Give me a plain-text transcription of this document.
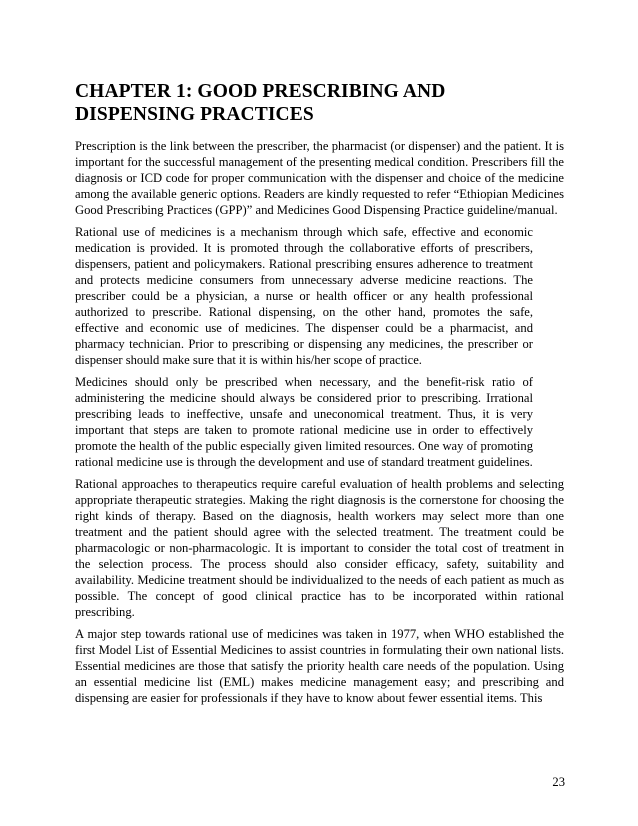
CHAPTER 1: GOOD PRESCRIBING AND DISPENSING PRACTICES

Prescription is the link between the prescriber, the pharmacist (or dispenser) and the patient. It is important for the successful management of the presenting medical condition. Prescribers fill the diagnosis or ICD code for proper communication with the dispenser and choice of the medicine among the available generic options. Readers are kindly requested to refer “Ethiopian Medicines Good Prescribing Practices (GPP)” and Medicines Good Dispensing Practice guideline/manual.

Rational use of medicines is a mechanism through which safe, effective and economic medication is provided. It is promoted through the collaborative efforts of prescribers, dispensers, patient and policymakers. Rational prescribing ensures adherence to treatment and protects medicine consumers from unnecessary adverse medicine reactions. The prescriber could be a physician, a nurse or health officer or any health professional authorized to prescribe. Rational dispensing, on the other hand, promotes the safe, effective and economic use of medicines. The dispenser could be a pharmacist, and pharmacy technician. Prior to prescribing or dispensing any medicines, the prescriber or dispenser should make sure that it is within his/her scope of practice.

Medicines should only be prescribed when necessary, and the benefit-risk ratio of administering the medicine should always be considered prior to prescribing. Irrational prescribing leads to ineffective, unsafe and uneconomical treatment. Thus, it is very important that steps are taken to promote rational medicine use in order to effectively promote the health of the public especially given limited resources. One way of promoting rational medicine use is through the development and use of standard treatment guidelines.

Rational approaches to therapeutics require careful evaluation of health problems and selecting appropriate therapeutic strategies. Making the right diagnosis is the cornerstone for choosing the right kinds of therapy. Based on the diagnosis, health workers may select more than one treatment and the patient should agree with the selected treatment. The treatment could be pharmacologic or non-pharmacologic. It is important to consider the total cost of treatment in the selection process. The process should also consider efficacy, safety, suitability and availability. Medicine treatment should be individualized to the needs of each patient as much as possible. The concept of good clinical practice has to be incorporated within rational prescribing.

A major step towards rational use of medicines was taken in 1977, when WHO established the first Model List of Essential Medicines to assist countries in formulating their own national lists. Essential medicines are those that satisfy the priority health care needs of the population. Using an essential medicine list (EML) makes medicine management easy; and prescribing and dispensing are easier for professionals if they have to know about fewer essential items. This

23
